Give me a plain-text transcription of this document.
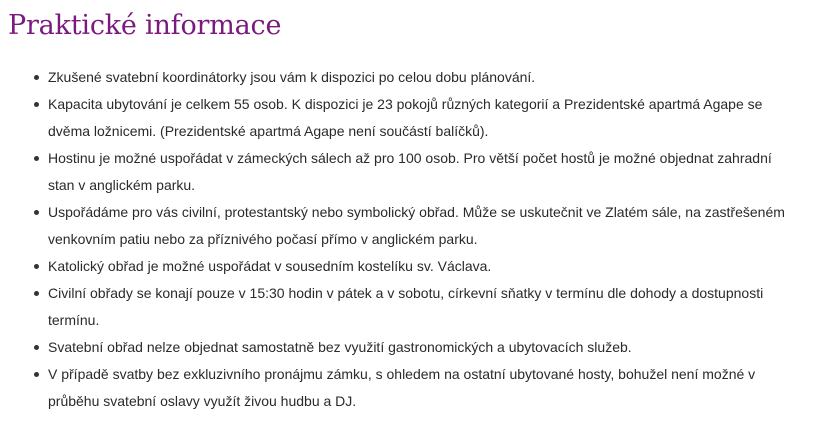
Praktické informace
Zkušené svatební koordinátorky jsou vám k dispozici po celou dobu plánování.
Kapacita ubytování je celkem 55 osob. K dispozici je 23 pokojů různých kategorií a Prezidentské apartmá Agape se dvěma ložnicemi. (Prezidentské apartmá Agape není součástí balíčků).
Hostinu je možné uspořádat v zámeckých sálech až pro 100 osob. Pro větší počet hostů je možné objednat zahradní stan v anglickém parku.
Uspořádáme pro vás civilní, protestantský nebo symbolický obřad. Může se uskutečnit ve Zlatém sále, na zastřešeném venkovním patiu nebo za příznivého počasí přímo v anglickém parku.
Katolický obřad je možné uspořádat v sousedním kostelíku sv. Václava.
Civilní obřady se konají pouze v 15:30 hodin v pátek a v sobotu, církevní sňatky v termínu dle dohody a dostupnosti termínu.
Svatební obřad nelze objednat samostatně bez využití gastronomických a ubytovacích služeb.
V případě svatby bez exkluzivního pronájmu zámku, s ohledem na ostatní ubytované hosty, bohužel není možné v průběhu svatební oslavy využít živou hudbu a DJ.
